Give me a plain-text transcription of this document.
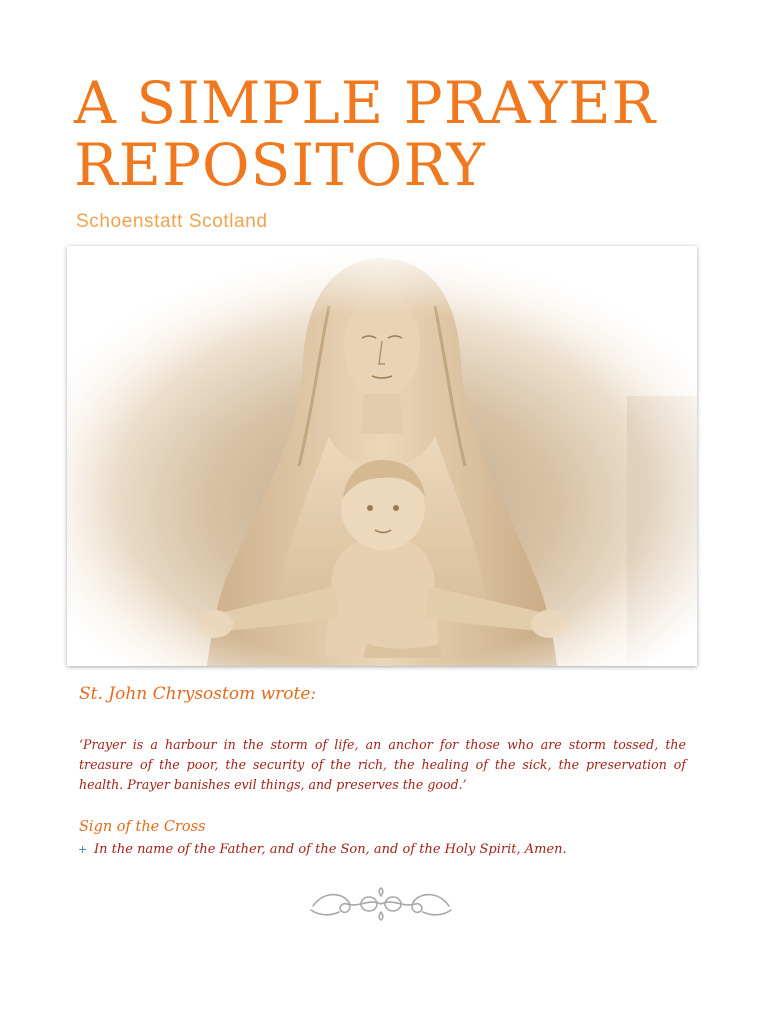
A SIMPLE PRAYER
REPOSITORY
Schoenstatt Scotland
St. John Chrysostom wrote:

‘Prayer is a harbour in the storm of life, an anchor for those who are storm tossed, the treasure of the poor, the security of the rich, the healing of the sick, the preservation of health. Prayer banishes evil things, and preserves the good.’

Sign of the Cross
+ In the name of the Father, and of the Son, and of the Holy Spirit, Amen.
